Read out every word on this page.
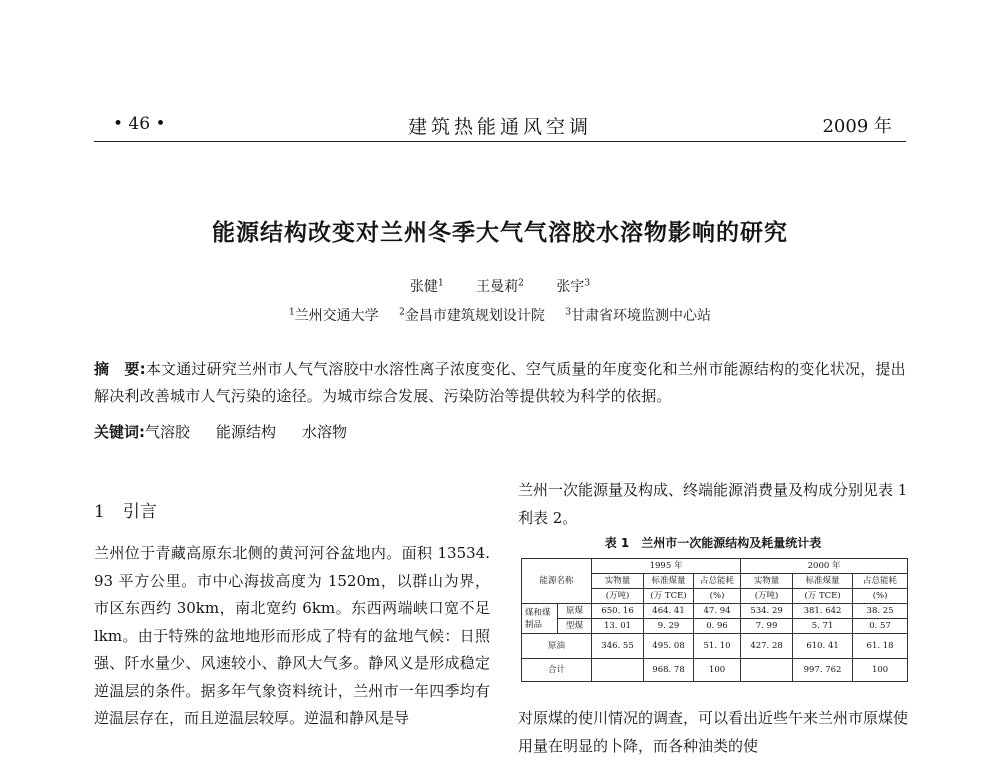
• 46 •	建筑热能通风空调	2009 年
能源结构改变对兰州冬季大气气溶胶水溶物影响的研究
张健$^1$ 王曼莉$^2$ 张宇$^3$
$^1$兰州交通大学 $^2$金昌市建筑规划设计院 $^3$甘肃省环境监测中心站
摘　要:本文通过研究兰州市人气气溶胶中水溶性离子浓度变化、空气质量的年度变化和兰州市能源结构的变化状况，提出解决利改善城市人气污染的途径。为城市综合发展、污染防治等提供较为科学的依据。
关键词:气溶胶 能源结构 水溶物
1 引言
兰州位于青藏高原东北侧的黄河河谷盆地内。面积 13534. 93 平方公里。市中心海拔高度为 1520m，以群山为界，市区东西约 30km，南北宽约 6km。东西两端峡口宽不足 lkm。由于特殊的盆地地形而形成了特有的盆地气候：日照强、阡水量少、风速较小、静风大气多。静风义是形成稳定逆温层的条件。据多年气象资料统计，兰州市一年四季均有逆温层存在，而且逆温层较厚。逆温和静风是导
兰州一次能源量及构成、终端能源消费量及构成分别见表 1 利表 2。
表 1　兰州市一次能源结构及耗量统计表
能源名称		1995 年			2000 年		
		实物量	标准煤量	占总能耗	实物量	标准煤量	占总能耗
		(万吨)	(万 TCE)	(%)	(万吨)	(万 TCE)	(%)
煤和煤制品	原煤	650. 16	464. 41	47. 94	534. 29	381. 642	38. 25
	型煤	13. 01	9. 29	0. 96	7. 99	5. 71	0. 57
原油		346. 55	495. 08	51. 10	427. 28	610. 41	61. 18
合计			968. 78	100		997. 762	100
对原煤的使川情况的调查，可以看出近些午来兰州市原煤使用量在明显的卜降，而各种油类的使
